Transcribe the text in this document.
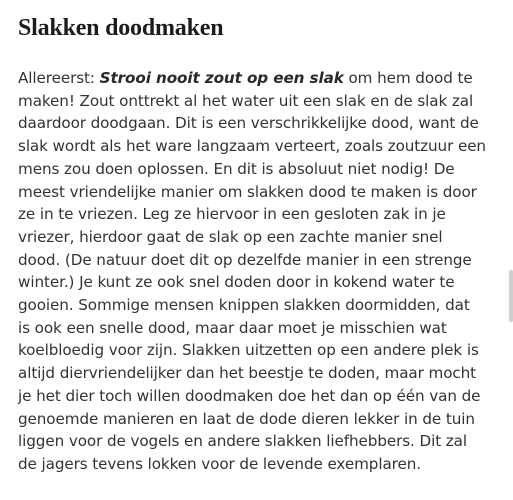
Slakken doodmaken

Allereerst: Strooi nooit zout op een slak om hem dood te maken! Zout onttrekt al het water uit een slak en de slak zal daardoor doodgaan. Dit is een verschrikkelijke dood, want de slak wordt als het ware langzaam verteert, zoals zoutzuur een mens zou doen oplossen. En dit is absoluut niet nodig! De meest vriendelijke manier om slakken dood te maken is door ze in te vriezen. Leg ze hiervoor in een gesloten zak in je vriezer, hierdoor gaat de slak op een zachte manier snel dood. (De natuur doet dit op dezelfde manier in een strenge winter.) Je kunt ze ook snel doden door in kokend water te gooien. Sommige mensen knippen slakken doormidden, dat is ook een snelle dood, maar daar moet je misschien wat koelbloedig voor zijn. Slakken uitzetten op een andere plek is altijd diervriendelijker dan het beestje te doden, maar mocht je het dier toch willen doodmaken doe het dan op één van de genoemde manieren en laat de dode dieren lekker in de tuin liggen voor de vogels en andere slakken liefhebbers. Dit zal de jagers tevens lokken voor de levende exemplaren.
